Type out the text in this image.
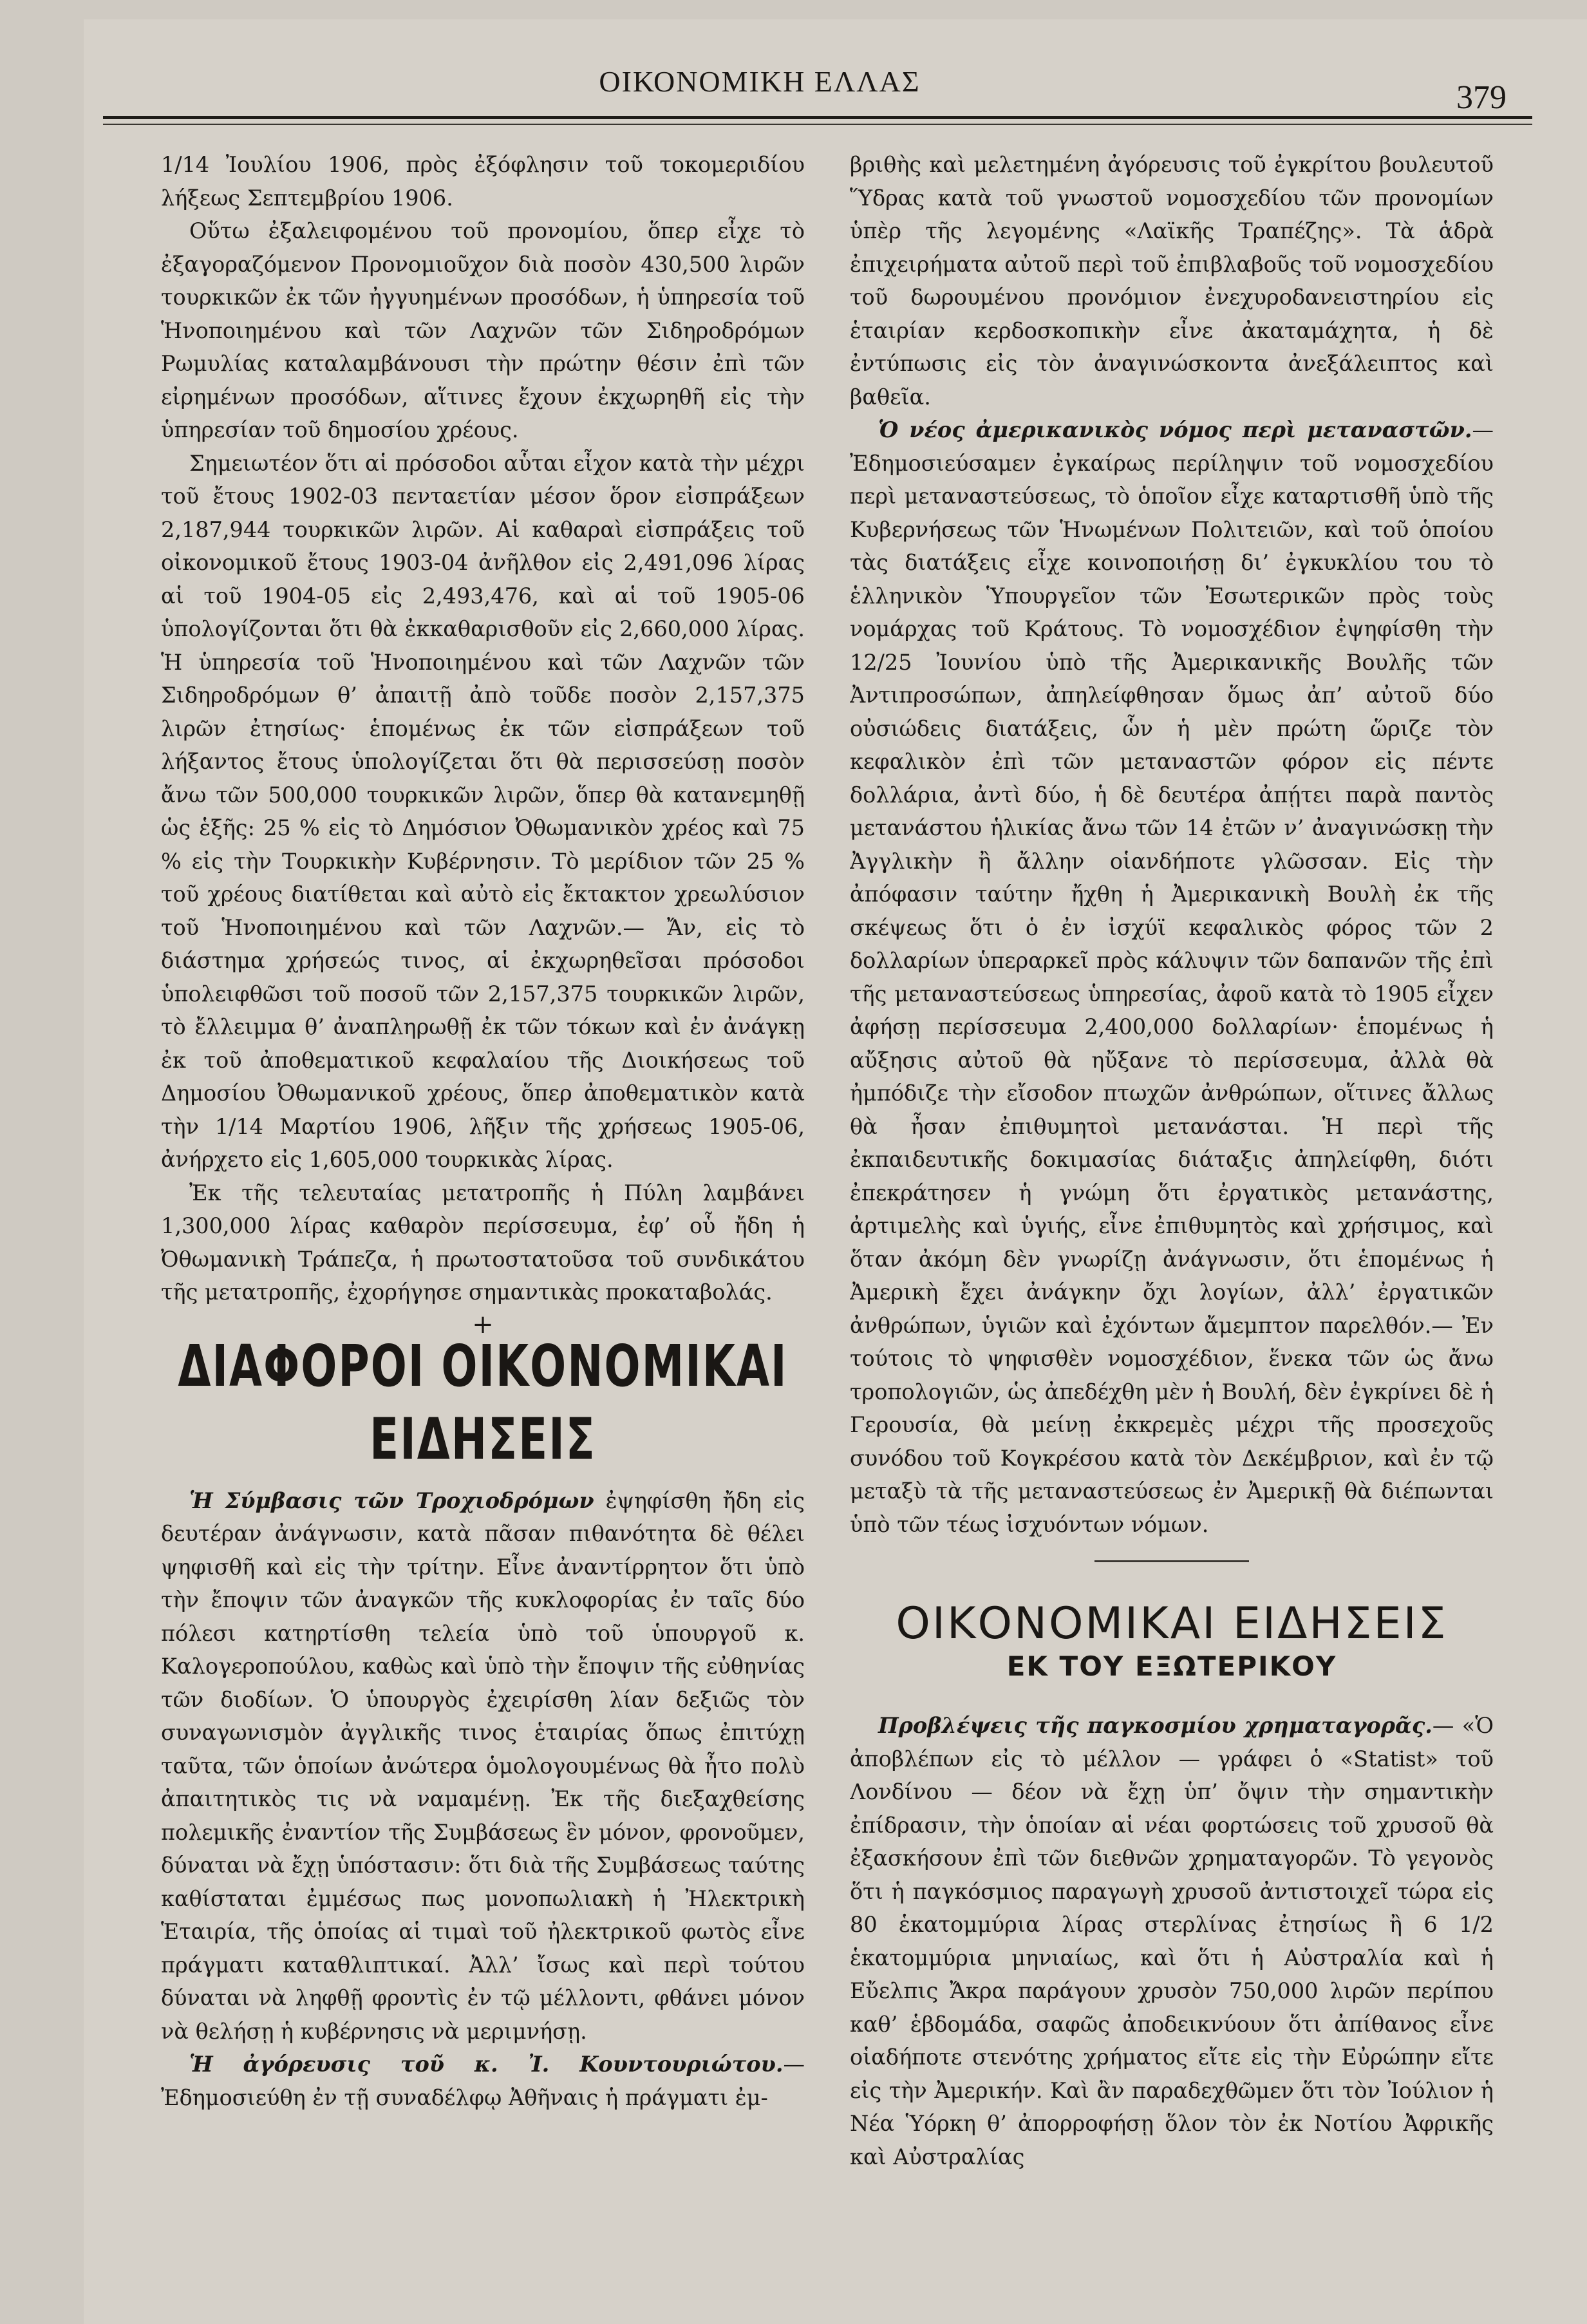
ΟΙΚΟΝΟΜΙΚΗ ΕΛΛΑΣ	379

1/14 Ἰουλίου 1906, πρὸς ἐξόφλησιν τοῦ τοκομεριδίου λήξεως Σεπτεμβρίου 1906.

Οὕτω ἐξαλειφομένου τοῦ προνομίου, ὅπερ εἶχε τὸ ἐξαγοραζόμενον Προνομιοῦχον διὰ ποσὸν 430,500 λιρῶν τουρκικῶν ἐκ τῶν ἠγγυημένων προσόδων, ἡ ὑπηρεσία τοῦ Ἡνοποιημένου καὶ τῶν Λαχνῶν τῶν Σιδηροδρόμων Ρωμυλίας καταλαμβάνουσι τὴν πρώτην θέσιν ἐπὶ τῶν εἰρημένων προσόδων, αἵτινες ἔχουν ἐκχωρηθῆ εἰς τὴν ὑπηρεσίαν τοῦ δημοσίου χρέους.

Σημειωτέον ὅτι αἱ πρόσοδοι αὗται εἶχον κατὰ τὴν μέχρι τοῦ ἔτους 1902-03 πενταετίαν μέσον ὅρον εἰσπράξεων 2,187,944 τουρκικῶν λιρῶν. Αἱ καθαραὶ εἰσπράξεις τοῦ οἰκονομικοῦ ἔτους 1903-04 ἀνῆλθον εἰς 2,491,096 λίρας αἱ τοῦ 1904-05 εἰς 2,493,476, καὶ αἱ τοῦ 1905-06 ὑπολογίζονται ὅτι θὰ ἐκκαθαρισθοῦν εἰς 2,660,000 λίρας. Ἡ ὑπηρεσία τοῦ Ἡνοποιημένου καὶ τῶν Λαχνῶν τῶν Σιδηροδρόμων θ’ ἀπαιτῇ ἀπὸ τοῦδε ποσὸν 2,157,375 λιρῶν ἐτησίως· ἑπομένως ἐκ τῶν εἰσπράξεων τοῦ λήξαντος ἔτους ὑπολογίζεται ὅτι θὰ περισσεύσῃ ποσὸν ἄνω τῶν 500,000 τουρκικῶν λιρῶν, ὅπερ θὰ κατανεμηθῇ ὡς ἑξῆς: 25 % εἰς τὸ Δημόσιον Ὀθωμανικὸν χρέος καὶ 75 % εἰς τὴν Τουρκικὴν Κυβέρνησιν. Τὸ μερίδιον τῶν 25 % τοῦ χρέους διατίθεται καὶ αὐτὸ εἰς ἔκτακτον χρεωλύσιον τοῦ Ἡνοποιημένου καὶ τῶν Λαχνῶν.— Ἄν, εἰς τὸ διάστημα χρήσεώς τινος, αἱ ἐκχωρηθεῖσαι πρόσοδοι ὑπολειφθῶσι τοῦ ποσοῦ τῶν 2,157,375 τουρκικῶν λιρῶν, τὸ ἔλλειμμα θ’ ἀναπληρωθῇ ἐκ τῶν τόκων καὶ ἐν ἀνάγκῃ ἐκ τοῦ ἀποθεματικοῦ κεφαλαίου τῆς Διοικήσεως τοῦ Δημοσίου Ὀθωμανικοῦ χρέους, ὅπερ ἀποθεματικὸν κατὰ τὴν 1/14 Μαρτίου 1906, λῆξιν τῆς χρήσεως 1905-06, ἀνήρχετο εἰς 1,605,000 τουρκικὰς λίρας.

Ἐκ τῆς τελευταίας μετατροπῆς ἡ Πύλη λαμβάνει 1,300,000 λίρας καθαρὸν περίσσευμα, ἐφ’ οὗ ἤδη ἡ Ὀθωμανικὴ Τράπεζα, ἡ πρωτοστατοῦσα τοῦ συνδικάτου τῆς μετατροπῆς, ἐχορήγησε σημαντικὰς προκαταβολάς.

+
ΔΙΑΦΟΡΟΙ ΟΙΚΟΝΟΜΙΚΑΙ ΕΙΔΗΣΕΙΣ

Ἡ Σύμβασις τῶν Τροχιοδρόμων ἐψηφίσθη ἤδη εἰς δευτέραν ἀνάγνωσιν, κατὰ πᾶσαν πιθανότητα δὲ θέλει ψηφισθῆ καὶ εἰς τὴν τρίτην. Εἶνε ἀναντίρρητον ὅτι ὑπὸ τὴν ἔποψιν τῶν ἀναγκῶν τῆς κυκλοφορίας ἐν ταῖς δύο πόλεσι κατηρτίσθη τελεία ὑπὸ τοῦ ὑπουργοῦ κ. Καλογεροπούλου, καθὼς καὶ ὑπὸ τὴν ἔποψιν τῆς εὐθηνίας τῶν διοδίων. Ὁ ὑπουργὸς ἐχειρίσθη λίαν δεξιῶς τὸν συναγωνισμὸν ἀγγλικῆς τινος ἑταιρίας ὅπως ἐπιτύχῃ ταῦτα, τῶν ὁποίων ἀνώτερα ὁμολογουμένως θὰ ἦτο πολὺ ἀπαιτητικὸς τις νὰ ναμαμένῃ. Ἐκ τῆς διεξαχθείσης πολεμικῆς ἐναντίον τῆς Συμβάσεως ἓν μόνον, φρονοῦμεν, δύναται νὰ ἔχῃ ὑπόστασιν: ὅτι διὰ τῆς Συμβάσεως ταύτης καθίσταται ἐμμέσως πως μονοπωλιακὴ ἡ Ἠλεκτρικὴ Ἑταιρία, τῆς ὁποίας αἱ τιμαὶ τοῦ ἠλεκτρικοῦ φωτὸς εἶνε πράγματι καταθλιπτικαί. Ἀλλ’ ἴσως καὶ περὶ τούτου δύναται νὰ ληφθῇ φροντὶς ἐν τῷ μέλλοντι, φθάνει μόνον νὰ θελήσῃ ἡ κυβέρνησις νὰ μεριμνήσῃ.

Ἡ ἀγόρευσις τοῦ κ. Ἰ. Κουντουριώτου.— Ἐδημοσιεύθη ἐν τῇ συναδέλφῳ Ἀθῆναις ἡ πράγματι ἐμ-

βριθὴς καὶ μελετημένη ἀγόρευσις τοῦ ἐγκρίτου βουλευτοῦ Ὕδρας κατὰ τοῦ γνωστοῦ νομοσχεδίου τῶν προνομίων ὑπὲρ τῆς λεγομένης «Λαϊκῆς Τραπέζης». Τὰ ἁδρὰ ἐπιχειρήματα αὐτοῦ περὶ τοῦ ἐπιβλαβοῦς τοῦ νομοσχεδίου τοῦ δωρουμένου προνόμιον ἐνεχυροδανειστηρίου εἰς ἑταιρίαν κερδοσκοπικὴν εἶνε ἀκαταμάχητα, ἡ δὲ ἐντύπωσις εἰς τὸν ἀναγινώσκοντα ἀνεξάλειπτος καὶ βαθεῖα.

Ὁ νέος ἀμερικανικὸς νόμος περὶ μεταναστῶν.— Ἐδημοσιεύσαμεν ἐγκαίρως περίληψιν τοῦ νομοσχεδίου περὶ μεταναστεύσεως, τὸ ὁποῖον εἶχε καταρτισθῆ ὑπὸ τῆς Κυβερνήσεως τῶν Ἡνωμένων Πολιτειῶν, καὶ τοῦ ὁποίου τὰς διατάξεις εἶχε κοινοποιήσῃ δι’ ἐγκυκλίου του τὸ ἑλληνικὸν Ὑπουργεῖον τῶν Ἐσωτερικῶν πρὸς τοὺς νομάρχας τοῦ Κράτους. Τὸ νομοσχέδιον ἐψηφίσθη τὴν 12/25 Ἰουνίου ὑπὸ τῆς Ἀμερικανικῆς Βουλῆς τῶν Ἀντιπροσώπων, ἀπηλείφθησαν ὅμως ἀπ’ αὐτοῦ δύο οὐσιώδεις διατάξεις, ὧν ἡ μὲν πρώτη ὥριζε τὸν κεφαλικὸν ἐπὶ τῶν μεταναστῶν φόρον εἰς πέντε δολλάρια, ἀντὶ δύο, ἡ δὲ δευτέρα ἀπῄτει παρὰ παντὸς μετανάστου ἡλικίας ἄνω τῶν 14 ἐτῶν ν’ ἀναγινώσκῃ τὴν Ἀγγλικὴν ἢ ἄλλην οἱανδήποτε γλῶσσαν. Εἰς τὴν ἀπόφασιν ταύτην ἤχθη ἡ Ἀμερικανικὴ Βουλὴ ἐκ τῆς σκέψεως ὅτι ὁ ἐν ἰσχύϊ κεφαλικὸς φόρος τῶν 2 δολλαρίων ὑπεραρκεῖ πρὸς κάλυψιν τῶν δαπανῶν τῆς ἐπὶ τῆς μεταναστεύσεως ὑπηρεσίας, ἀφοῦ κατὰ τὸ 1905 εἶχεν ἀφήσῃ περίσσευμα 2,400,000 δολλαρίων· ἑπομένως ἡ αὔξησις αὐτοῦ θὰ ηὔξανε τὸ περίσσευμα, ἀλλὰ θὰ ἠμπόδιζε τὴν εἴσοδον πτωχῶν ἀνθρώπων, οἵτινες ἄλλως θὰ ἦσαν ἐπιθυμητοὶ μετανάσται. Ἡ περὶ τῆς ἐκπαιδευτικῆς δοκιμασίας διάταξις ἀπηλείφθη, διότι ἐπεκράτησεν ἡ γνώμη ὅτι ἐργατικὸς μετανάστης, ἀρτιμελὴς καὶ ὑγιής, εἶνε ἐπιθυμητὸς καὶ χρήσιμος, καὶ ὅταν ἀκόμη δὲν γνωρίζῃ ἀνάγνωσιν, ὅτι ἑπομένως ἡ Ἀμερικὴ ἔχει ἀνάγκην ὄχι λογίων, ἀλλ’ ἐργατικῶν ἀνθρώπων, ὑγιῶν καὶ ἐχόντων ἄμεμπτον παρελθόν.— Ἐν τούτοις τὸ ψηφισθὲν νομοσχέδιον, ἕνεκα τῶν ὡς ἄνω τροπολογιῶν, ὡς ἀπεδέχθη μὲν ἡ Βουλή, δὲν ἐγκρίνει δὲ ἡ Γερουσία, θὰ μείνῃ ἐκκρεμὲς μέχρι τῆς προσεχοῦς συνόδου τοῦ Κογκρέσου κατὰ τὸν Δεκέμβριον, καὶ ἐν τῷ μεταξὺ τὰ τῆς μεταναστεύσεως ἐν Ἀμερικῇ θὰ διέπωνται ὑπὸ τῶν τέως ἰσχυόντων νόμων.

ΟΙΚΟΝΟΜΙΚΑΙ ΕΙΔΗΣΕΙΣ
ΕΚ ΤΟΥ ΕΞΩΤΕΡΙΚΟΥ

Προβλέψεις τῆς παγκοσμίου χρηματαγορᾶς.— «Ὁ ἀποβλέπων εἰς τὸ μέλλον — γράφει ὁ «Statist» τοῦ Λονδίνου — δέον νὰ ἔχῃ ὑπ’ ὄψιν τὴν σημαντικὴν ἐπίδρασιν, τὴν ὁποίαν αἱ νέαι φορτώσεις τοῦ χρυσοῦ θὰ ἐξασκήσουν ἐπὶ τῶν διεθνῶν χρηματαγορῶν. Τὸ γεγονὸς ὅτι ἡ παγκόσμιος παραγωγὴ χρυσοῦ ἀντιστοιχεῖ τώρα εἰς 80 ἑκατομμύρια λίρας στερλίνας ἐτησίως ἢ 6 1/2 ἑκατομμύρια μηνιαίως, καὶ ὅτι ἡ Αὐστραλία καὶ ἡ Εὔελπις Ἄκρα παράγουν χρυσὸν 750,000 λιρῶν περίπου καθ’ ἑβδομάδα, σαφῶς ἀποδεικνύουν ὅτι ἀπίθανος εἶνε οἱαδήποτε στενότης χρήματος εἴτε εἰς τὴν Εὐρώπην εἴτε εἰς τὴν Ἀμερικήν. Καὶ ἂν παραδεχθῶμεν ὅτι τὸν Ἰούλιον ἡ Νέα Ὑόρκη θ’ ἀπορροφήσῃ ὅλον τὸν ἐκ Νοτίου Ἀφρικῆς καὶ Αὐστραλίας
